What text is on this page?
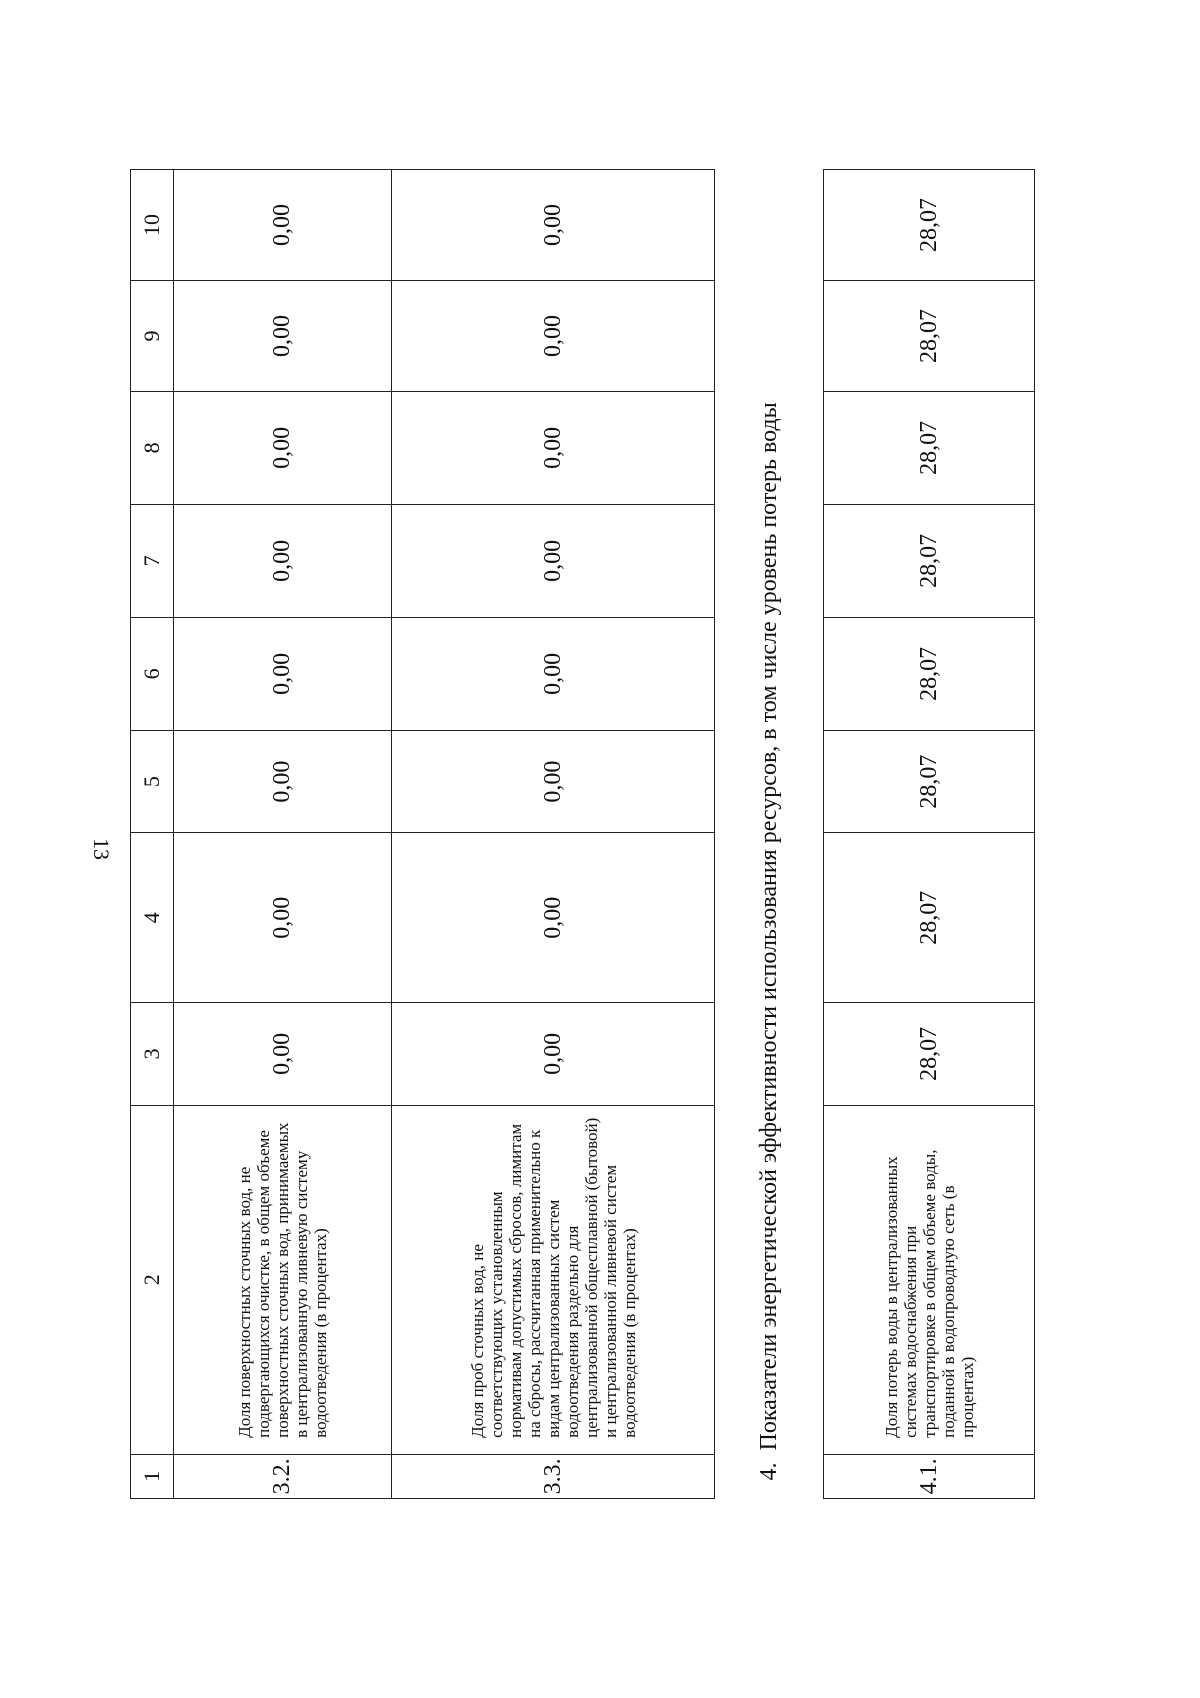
13
1	2	3	4	5	6	7	8	9	10
3.2.	Доля поверхностных сточных вод, не подвергающихся очистке, в общем объеме поверхностных сточных вод, принимаемых в централизованную ливневую систему водоотведения (в процентах)	0,00	0,00	0,00	0,00	0,00	0,00	0,00	0,00
3.3.	Доля проб сточных вод, не соответствующих установленным нормативам допустимых сбросов, лимитам на сбросы, рассчитанная применительно к видам централизованных систем водоотведения раздельно для централизованной общесплавной (бытовой) и централизованной ливневой систем водоотведения (в процентах)	0,00	0,00	0,00	0,00	0,00	0,00	0,00	0,00
4.Показатели энергетической эффективности использования ресурсов, в том числе уровень потерь воды									
4.1.	Доля потерь воды в централизованных системах водоснабжения при транспортировке в общем объеме воды, поданной в водопроводную сеть (в процентах)	28,07	28,07	28,07	28,07	28,07	28,07	28,07	28,07
